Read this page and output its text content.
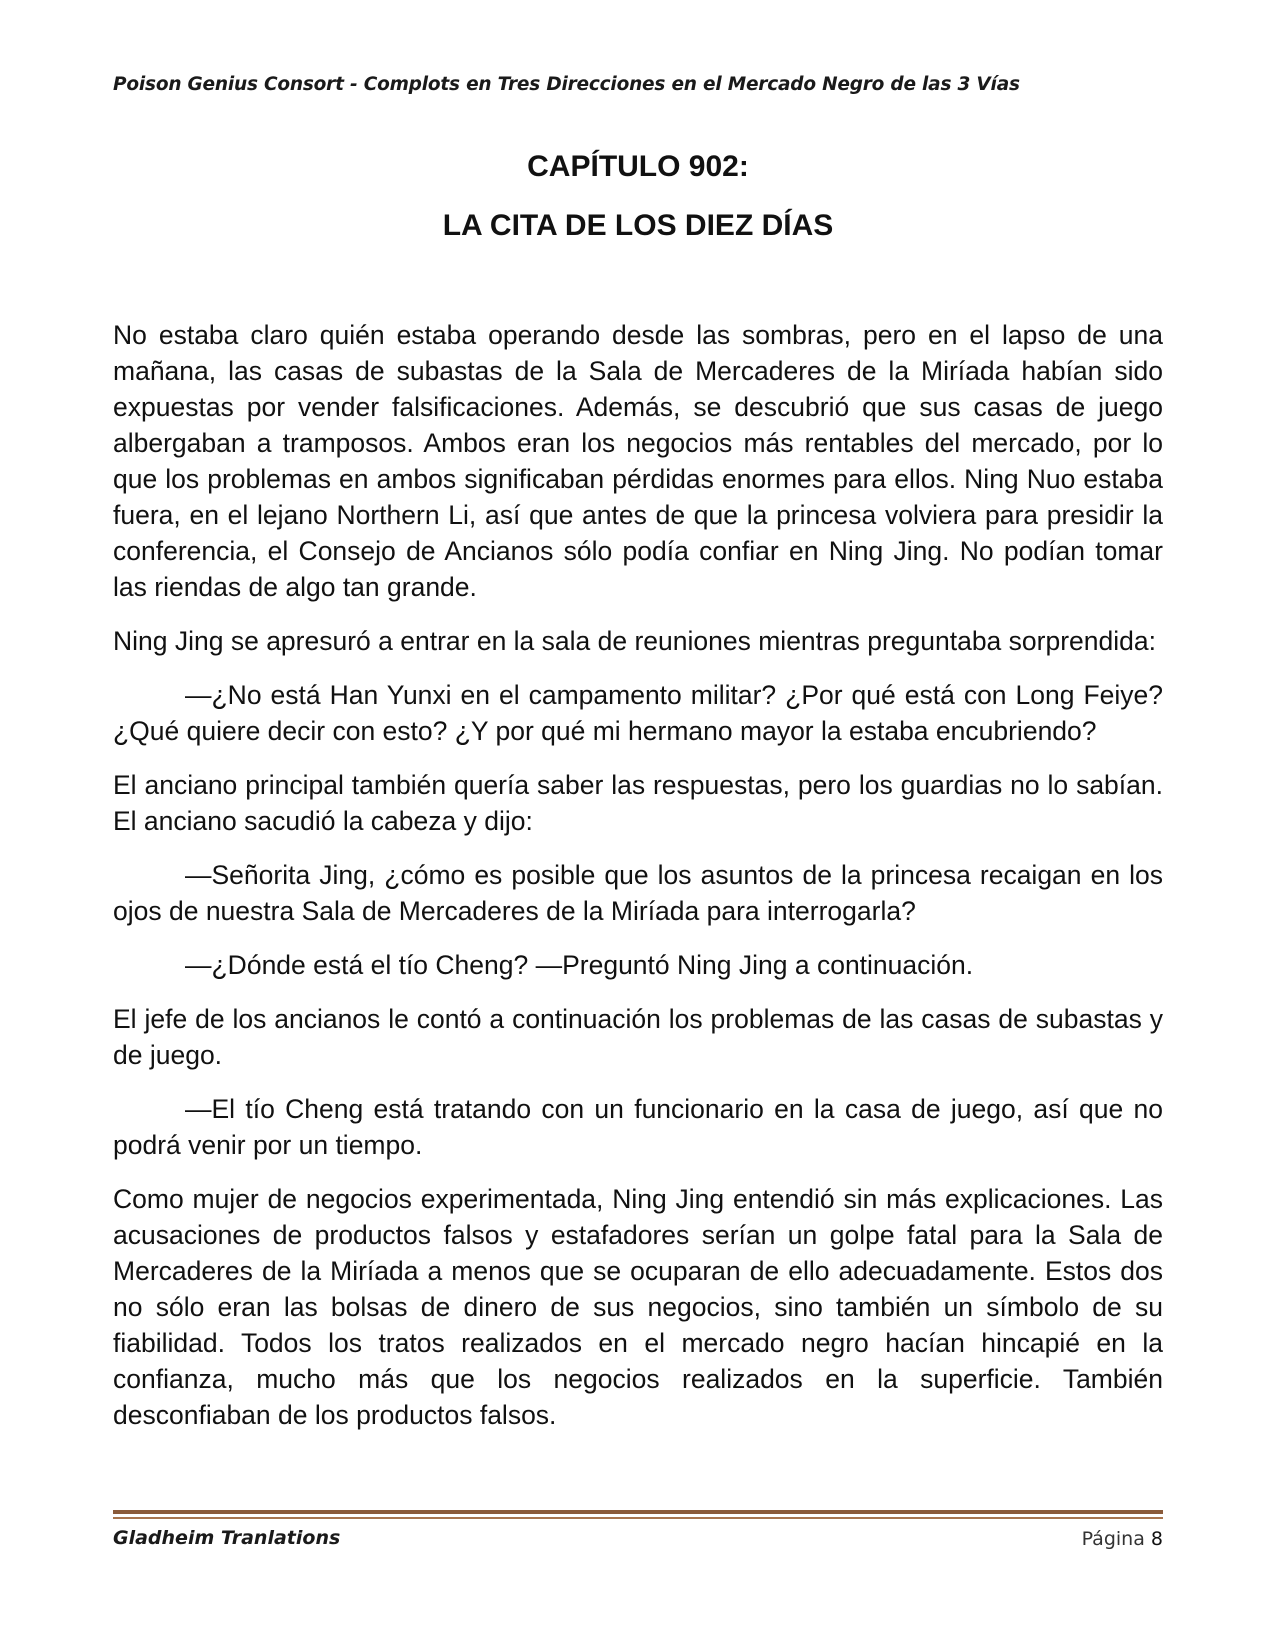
Poison Genius Consort - Complots en Tres Direcciones en el Mercado Negro de las 3 Vías
CAPÍTULO 902:
LA CITA DE LOS DIEZ DÍAS

No estaba claro quién estaba operando desde las sombras, pero en el lapso de una mañana, las casas de subastas de la Sala de Mercaderes de la Miríada habían sido expuestas por vender falsificaciones. Además, se descubrió que sus casas de juego albergaban a tramposos. Ambos eran los negocios más rentables del mercado, por lo que los problemas en ambos significaban pérdidas enormes para ellos. Ning Nuo estaba fuera, en el lejano Northern Li, así que antes de que la princesa volviera para presidir la conferencia, el Consejo de Ancianos sólo podía confiar en Ning Jing. No podían tomar las riendas de algo tan grande.

Ning Jing se apresuró a entrar en la sala de reuniones mientras preguntaba sorprendida:

—¿No está Han Yunxi en el campamento militar? ¿Por qué está con Long Feiye? ¿Qué quiere decir con esto? ¿Y por qué mi hermano mayor la estaba encubriendo?

El anciano principal también quería saber las respuestas, pero los guardias no lo sabían. El anciano sacudió la cabeza y dijo:

—Señorita Jing, ¿cómo es posible que los asuntos de la princesa recaigan en los ojos de nuestra Sala de Mercaderes de la Miríada para interrogarla?

—¿Dónde está el tío Cheng? —Preguntó Ning Jing a continuación.

El jefe de los ancianos le contó a continuación los problemas de las casas de subastas y de juego.

—El tío Cheng está tratando con un funcionario en la casa de juego, así que no podrá venir por un tiempo.

Como mujer de negocios experimentada, Ning Jing entendió sin más explicaciones. Las acusaciones de productos falsos y estafadores serían un golpe fatal para la Sala de Mercaderes de la Miríada a menos que se ocuparan de ello adecuadamente. Estos dos no sólo eran las bolsas de dinero de sus negocios, sino también un símbolo de su fiabilidad. Todos los tratos realizados en el mercado negro hacían hincapié en la confianza, mucho más que los negocios realizados en la superficie. También desconfiaban de los productos falsos.

Gladheim Tranlations	Página 8
